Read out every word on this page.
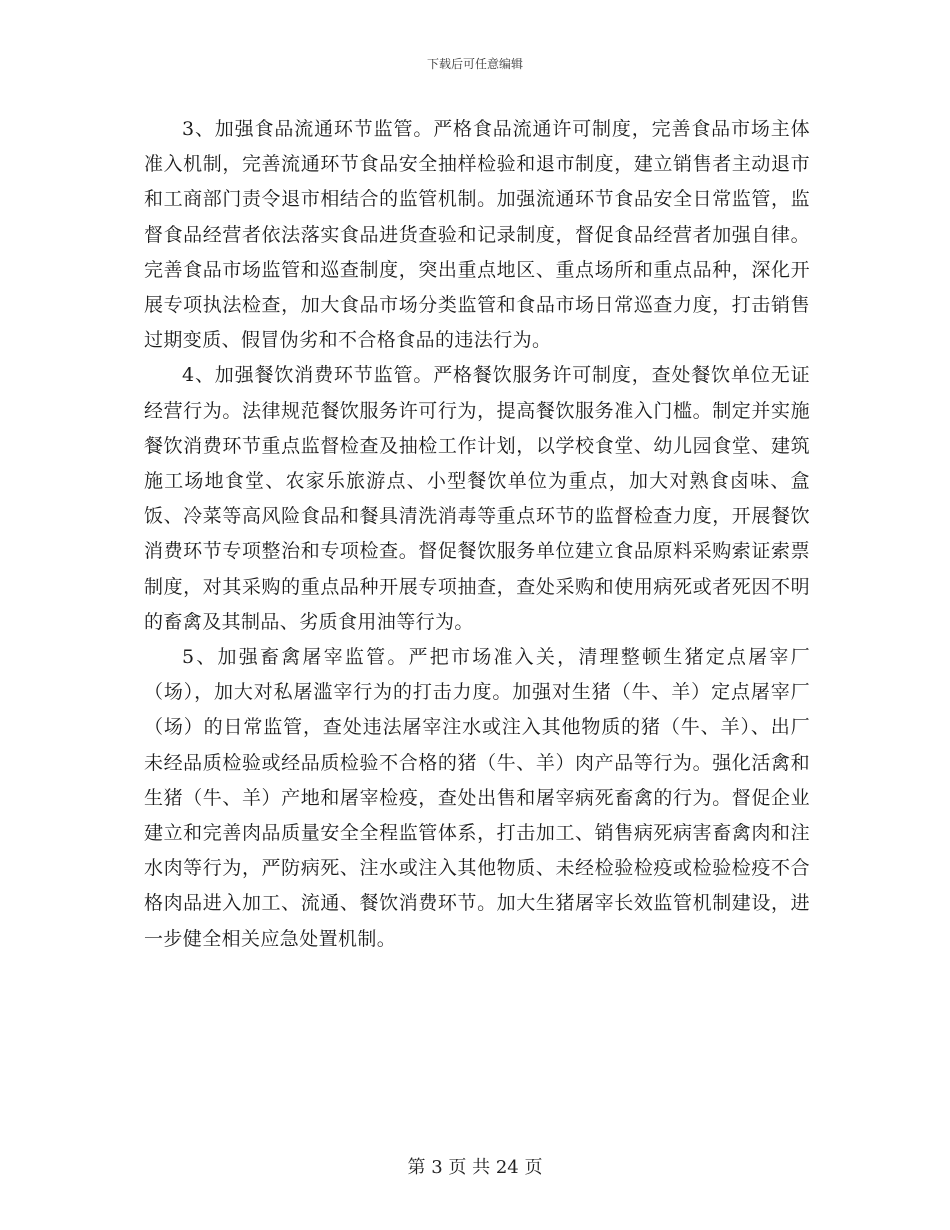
下载后可任意编辑

3、加强食品流通环节监管。严格食品流通许可制度，完善食品市场主体准入机制，完善流通环节食品安全抽样检验和退市制度，建立销售者主动退市和工商部门责令退市相结合的监管机制。加强流通环节食品安全日常监管，监督食品经营者依法落实食品进货查验和记录制度，督促食品经营者加强自律。完善食品市场监管和巡查制度，突出重点地区、重点场所和重点品种，深化开展专项执法检查，加大食品市场分类监管和食品市场日常巡查力度，打击销售过期变质、假冒伪劣和不合格食品的违法行为。

4、加强餐饮消费环节监管。严格餐饮服务许可制度，查处餐饮单位无证经营行为。法律规范餐饮服务许可行为，提高餐饮服务准入门槛。制定并实施餐饮消费环节重点监督检查及抽检工作计划，以学校食堂、幼儿园食堂、建筑施工场地食堂、农家乐旅游点、小型餐饮单位为重点，加大对熟食卤味、盒饭、冷菜等高风险食品和餐具清洗消毒等重点环节的监督检查力度，开展餐饮消费环节专项整治和专项检查。督促餐饮服务单位建立食品原料采购索证索票制度，对其采购的重点品种开展专项抽查，查处采购和使用病死或者死因不明的畜禽及其制品、劣质食用油等行为。

5、加强畜禽屠宰监管。严把市场准入关，清理整顿生猪定点屠宰厂（场），加大对私屠滥宰行为的打击力度。加强对生猪（牛、羊）定点屠宰厂（场）的日常监管，查处违法屠宰注水或注入其他物质的猪（牛、羊）、出厂未经品质检验或经品质检验不合格的猪（牛、羊）肉产品等行为。强化活禽和生猪（牛、羊）产地和屠宰检疫，查处出售和屠宰病死畜禽的行为。督促企业建立和完善肉品质量安全全程监管体系，打击加工、销售病死病害畜禽肉和注水肉等行为，严防病死、注水或注入其他物质、未经检验检疫或检验检疫不合格肉品进入加工、流通、餐饮消费环节。加大生猪屠宰长效监管机制建设，进一步健全相关应急处置机制。

第 3 页 共 24 页
